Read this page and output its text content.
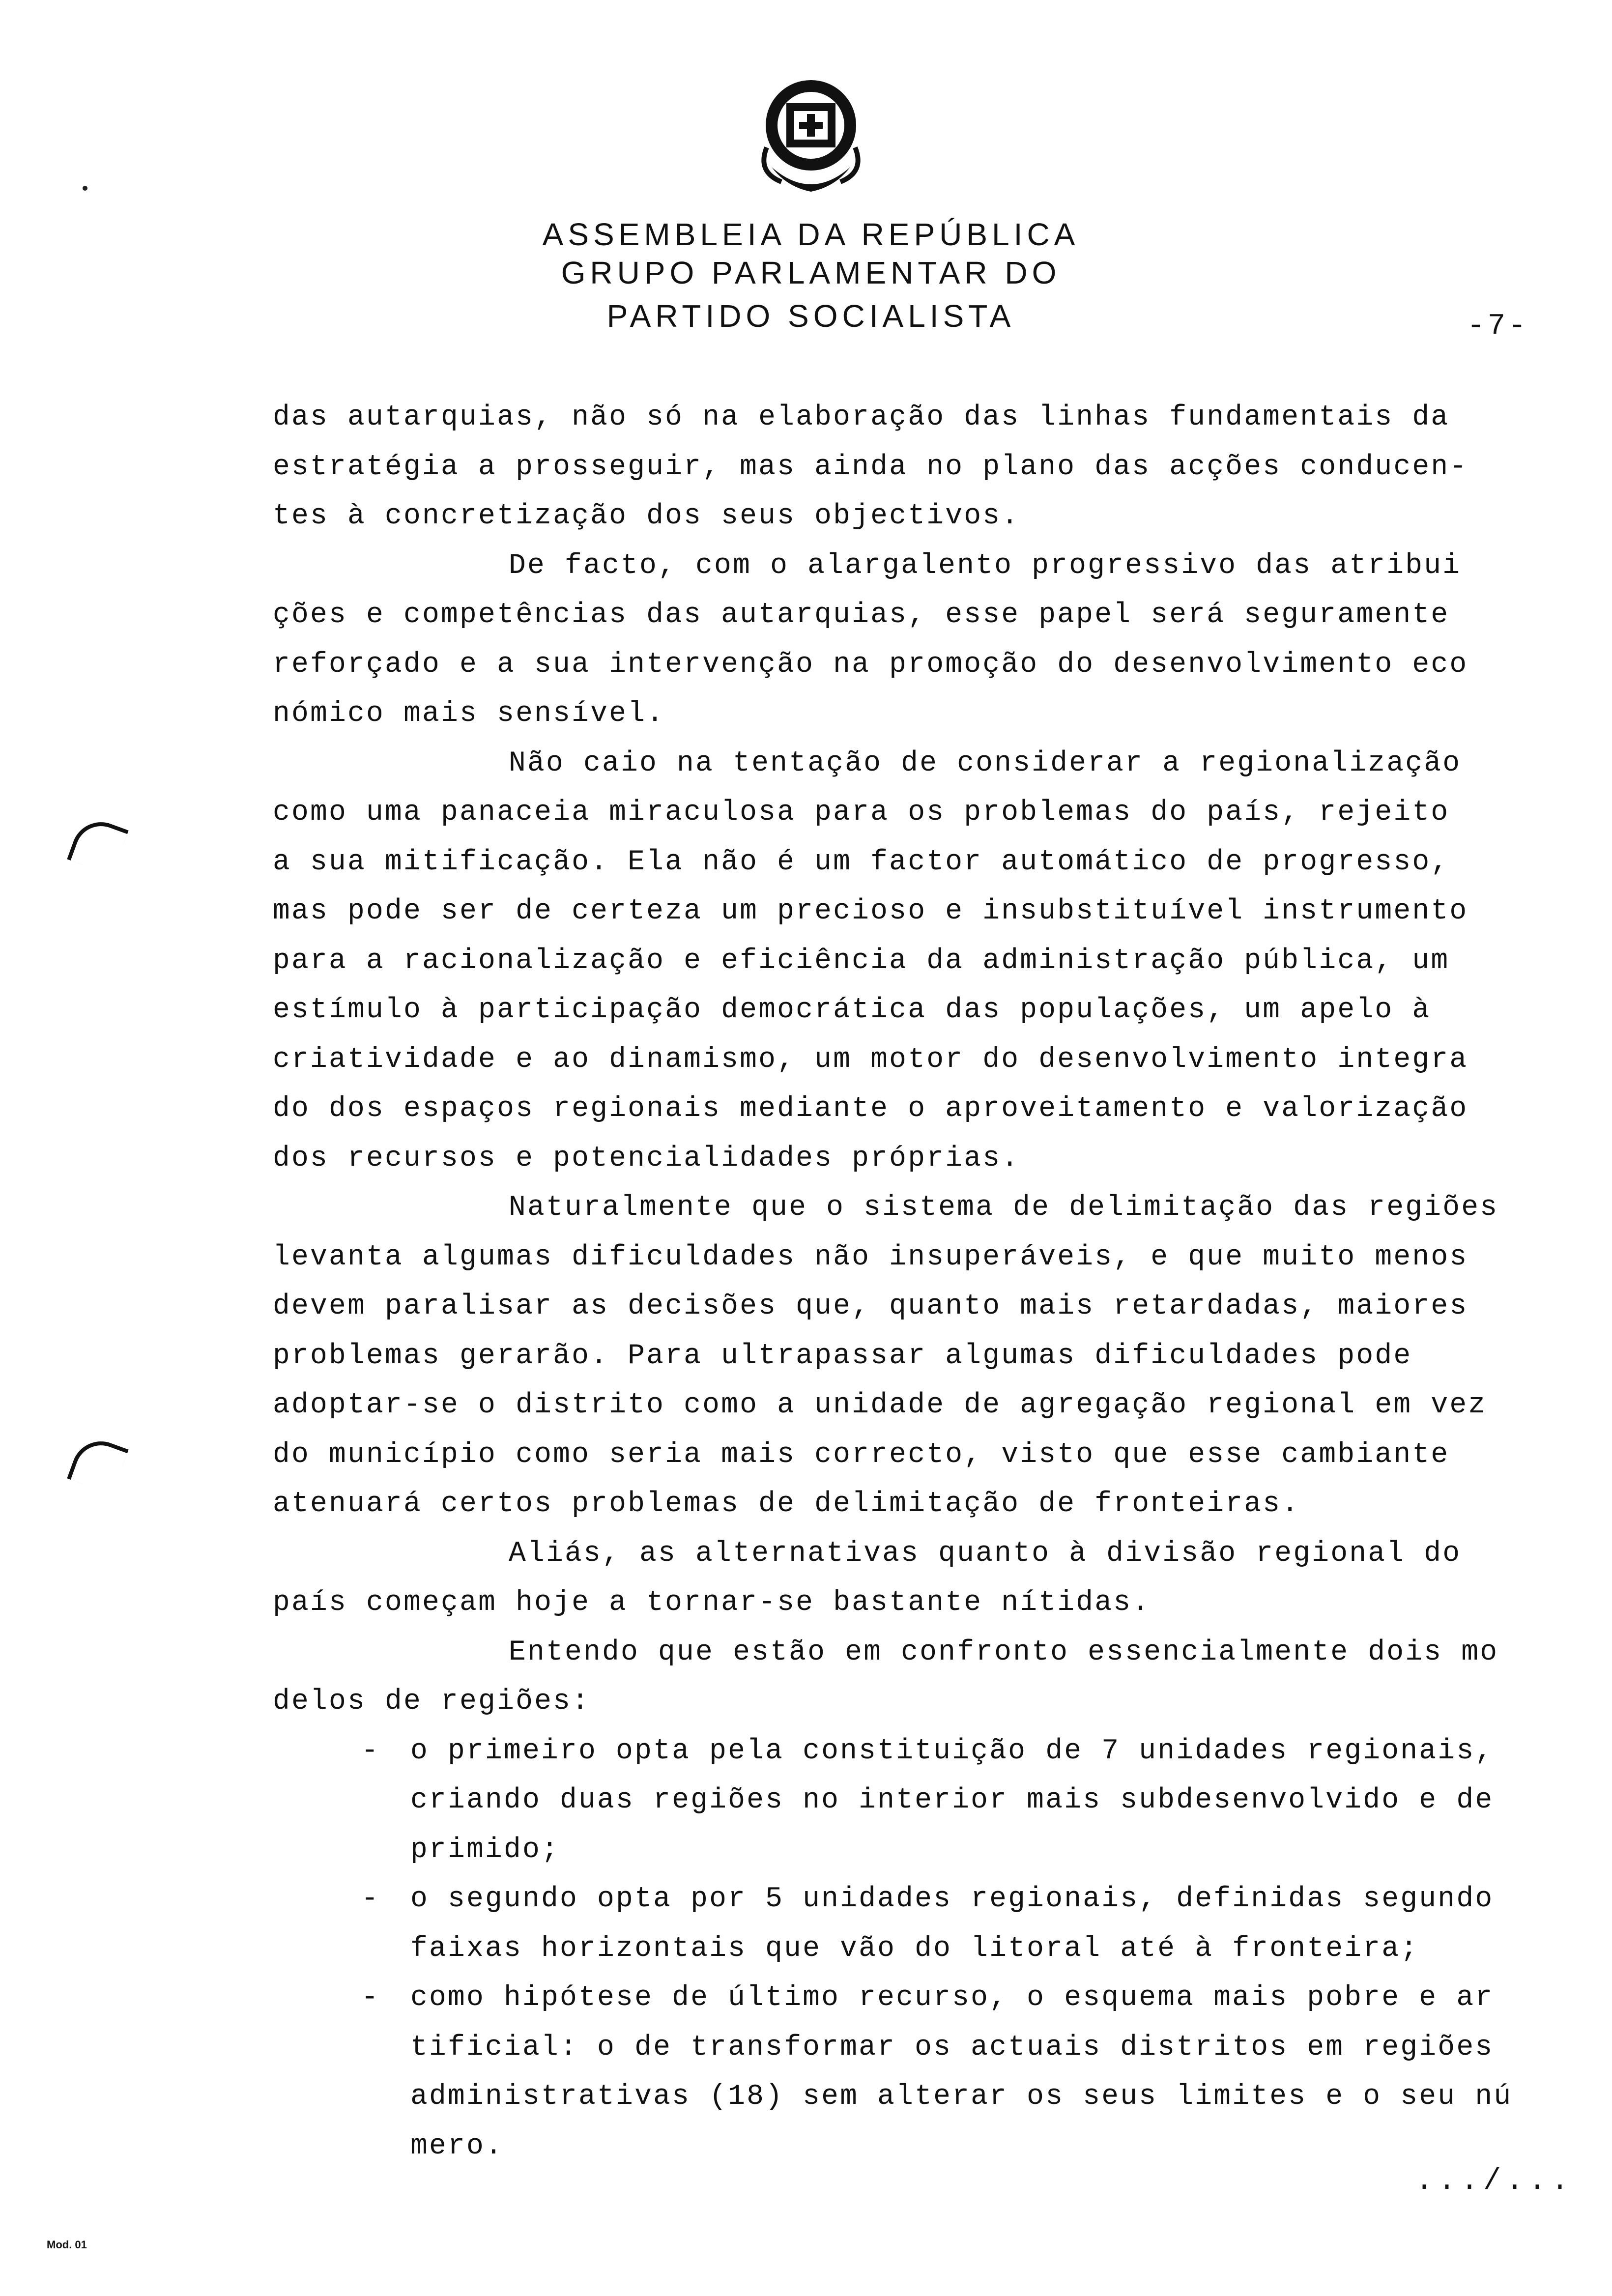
ASSEMBLEIA DA REPÚBLICA
GRUPO PARLAMENTAR DO
PARTIDO SOCIALISTA	-7-
das autarquias, não só na elaboração das linhas fundamentais da
estratégia a prosseguir, mas ainda no plano das acções conducen-
tes à concretização dos seus objectivos.
De facto, com o alargalento progressivo das atribui
ções e competências das autarquias, esse papel será seguramente
reforçado e a sua intervenção na promoção do desenvolvimento eco
nómico mais sensível.
Não caio na tentação de considerar a regionalização
como uma panaceia miraculosa para os problemas do país, rejeito
a sua mitificação. Ela não é um factor automático de progresso,
mas pode ser de certeza um precioso e insubstituível instrumento
para a racionalização e eficiência da administração pública, um
estímulo à participação democrática das populações, um apelo à
criatividade e ao dinamismo, um motor do desenvolvimento integra
do dos espaços regionais mediante o aproveitamento e valorização
dos recursos e potencialidades próprias.
Naturalmente que o sistema de delimitação das regiões
levanta algumas dificuldades não insuperáveis, e que muito menos
devem paralisar as decisões que, quanto mais retardadas, maiores
problemas gerarão. Para ultrapassar algumas dificuldades pode
adoptar-se o distrito como a unidade de agregação regional em vez
do município como seria mais correcto, visto que esse cambiante
atenuará certos problemas de delimitação de fronteiras.
Aliás, as alternativas quanto à divisão regional do
país começam hoje a tornar-se bastante nítidas.
Entendo que estão em confronto essencialmente dois mo
delos de regiões:
-	o primeiro opta pela constituição de 7 unidades regionais,
criando duas regiões no interior mais subdesenvolvido e de
primido;
-	o segundo opta por 5 unidades regionais, definidas segundo
faixas horizontais que vão do litoral até à fronteira;
-	como hipótese de último recurso, o esquema mais pobre e ar
tificial: o de transformar os actuais distritos em regiões
administrativas (18) sem alterar os seus limites e o seu nú
mero.
.../...
Mod. 01
